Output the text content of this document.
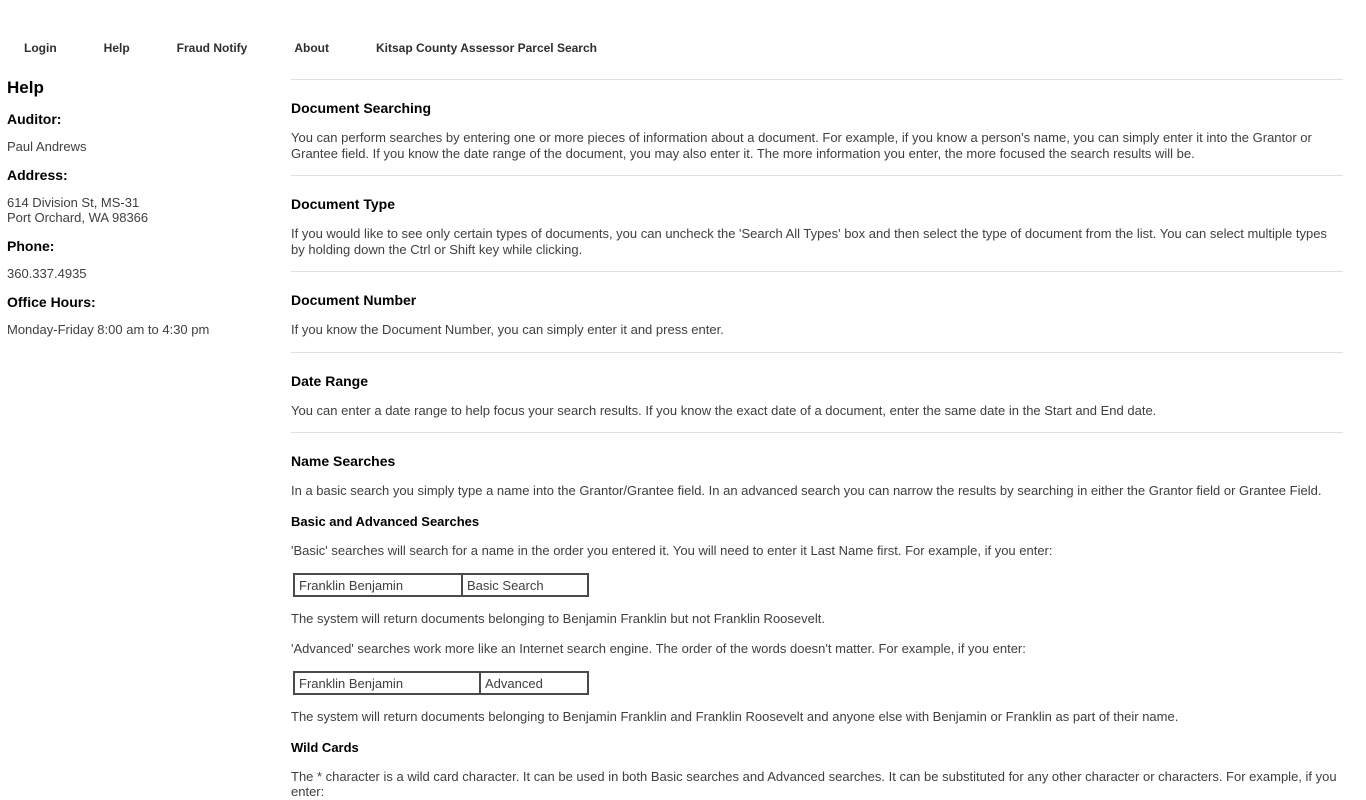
Login	Help	Fraud Notify	About	Kitsap County Assessor Parcel Search
Help
Auditor:
Paul Andrews
Address:
614 Division St, MS-31
Port Orchard, WA 98366
Phone:
360.337.4935
Office Hours:
Monday-Friday 8:00 am to 4:30 pm
Document Searching

You can perform searches by entering one or more pieces of information about a document. For example, if you know a person's name, you can simply enter it into the Grantor or Grantee field. If you know the date range of the document, you may also enter it. The more information you enter, the more focused the search results will be.

Document Type

If you would like to see only certain types of documents, you can uncheck the 'Search All Types' box and then select the type of document from the list. You can select multiple types by holding down the Ctrl or Shift key while clicking.

Document Number

If you know the Document Number, you can simply enter it and press enter.

Date Range

You can enter a date range to help focus your search results. If you know the exact date of a document, enter the same date in the Start and End date.

Name Searches

In a basic search you simply type a name into the Grantor/Grantee field. In an advanced search you can narrow the results by searching in either the Grantor field or Grantee Field.

Basic and Advanced Searches

'Basic' searches will search for a name in the order you entered it. You will need to enter it Last Name first. For example, if you enter:

Franklin Benjamin	Basic Search

The system will return documents belonging to Benjamin Franklin but not Franklin Roosevelt.

'Advanced' searches work more like an Internet search engine. The order of the words doesn't matter. For example, if you enter:

Franklin Benjamin	Advanced

The system will return documents belonging to Benjamin Franklin and Franklin Roosevelt and anyone else with Benjamin or Franklin as part of their name.

Wild Cards

The * character is a wild card character. It can be used in both Basic searches and Advanced searches. It can be substituted for any other character or characters. For example, if you enter:
